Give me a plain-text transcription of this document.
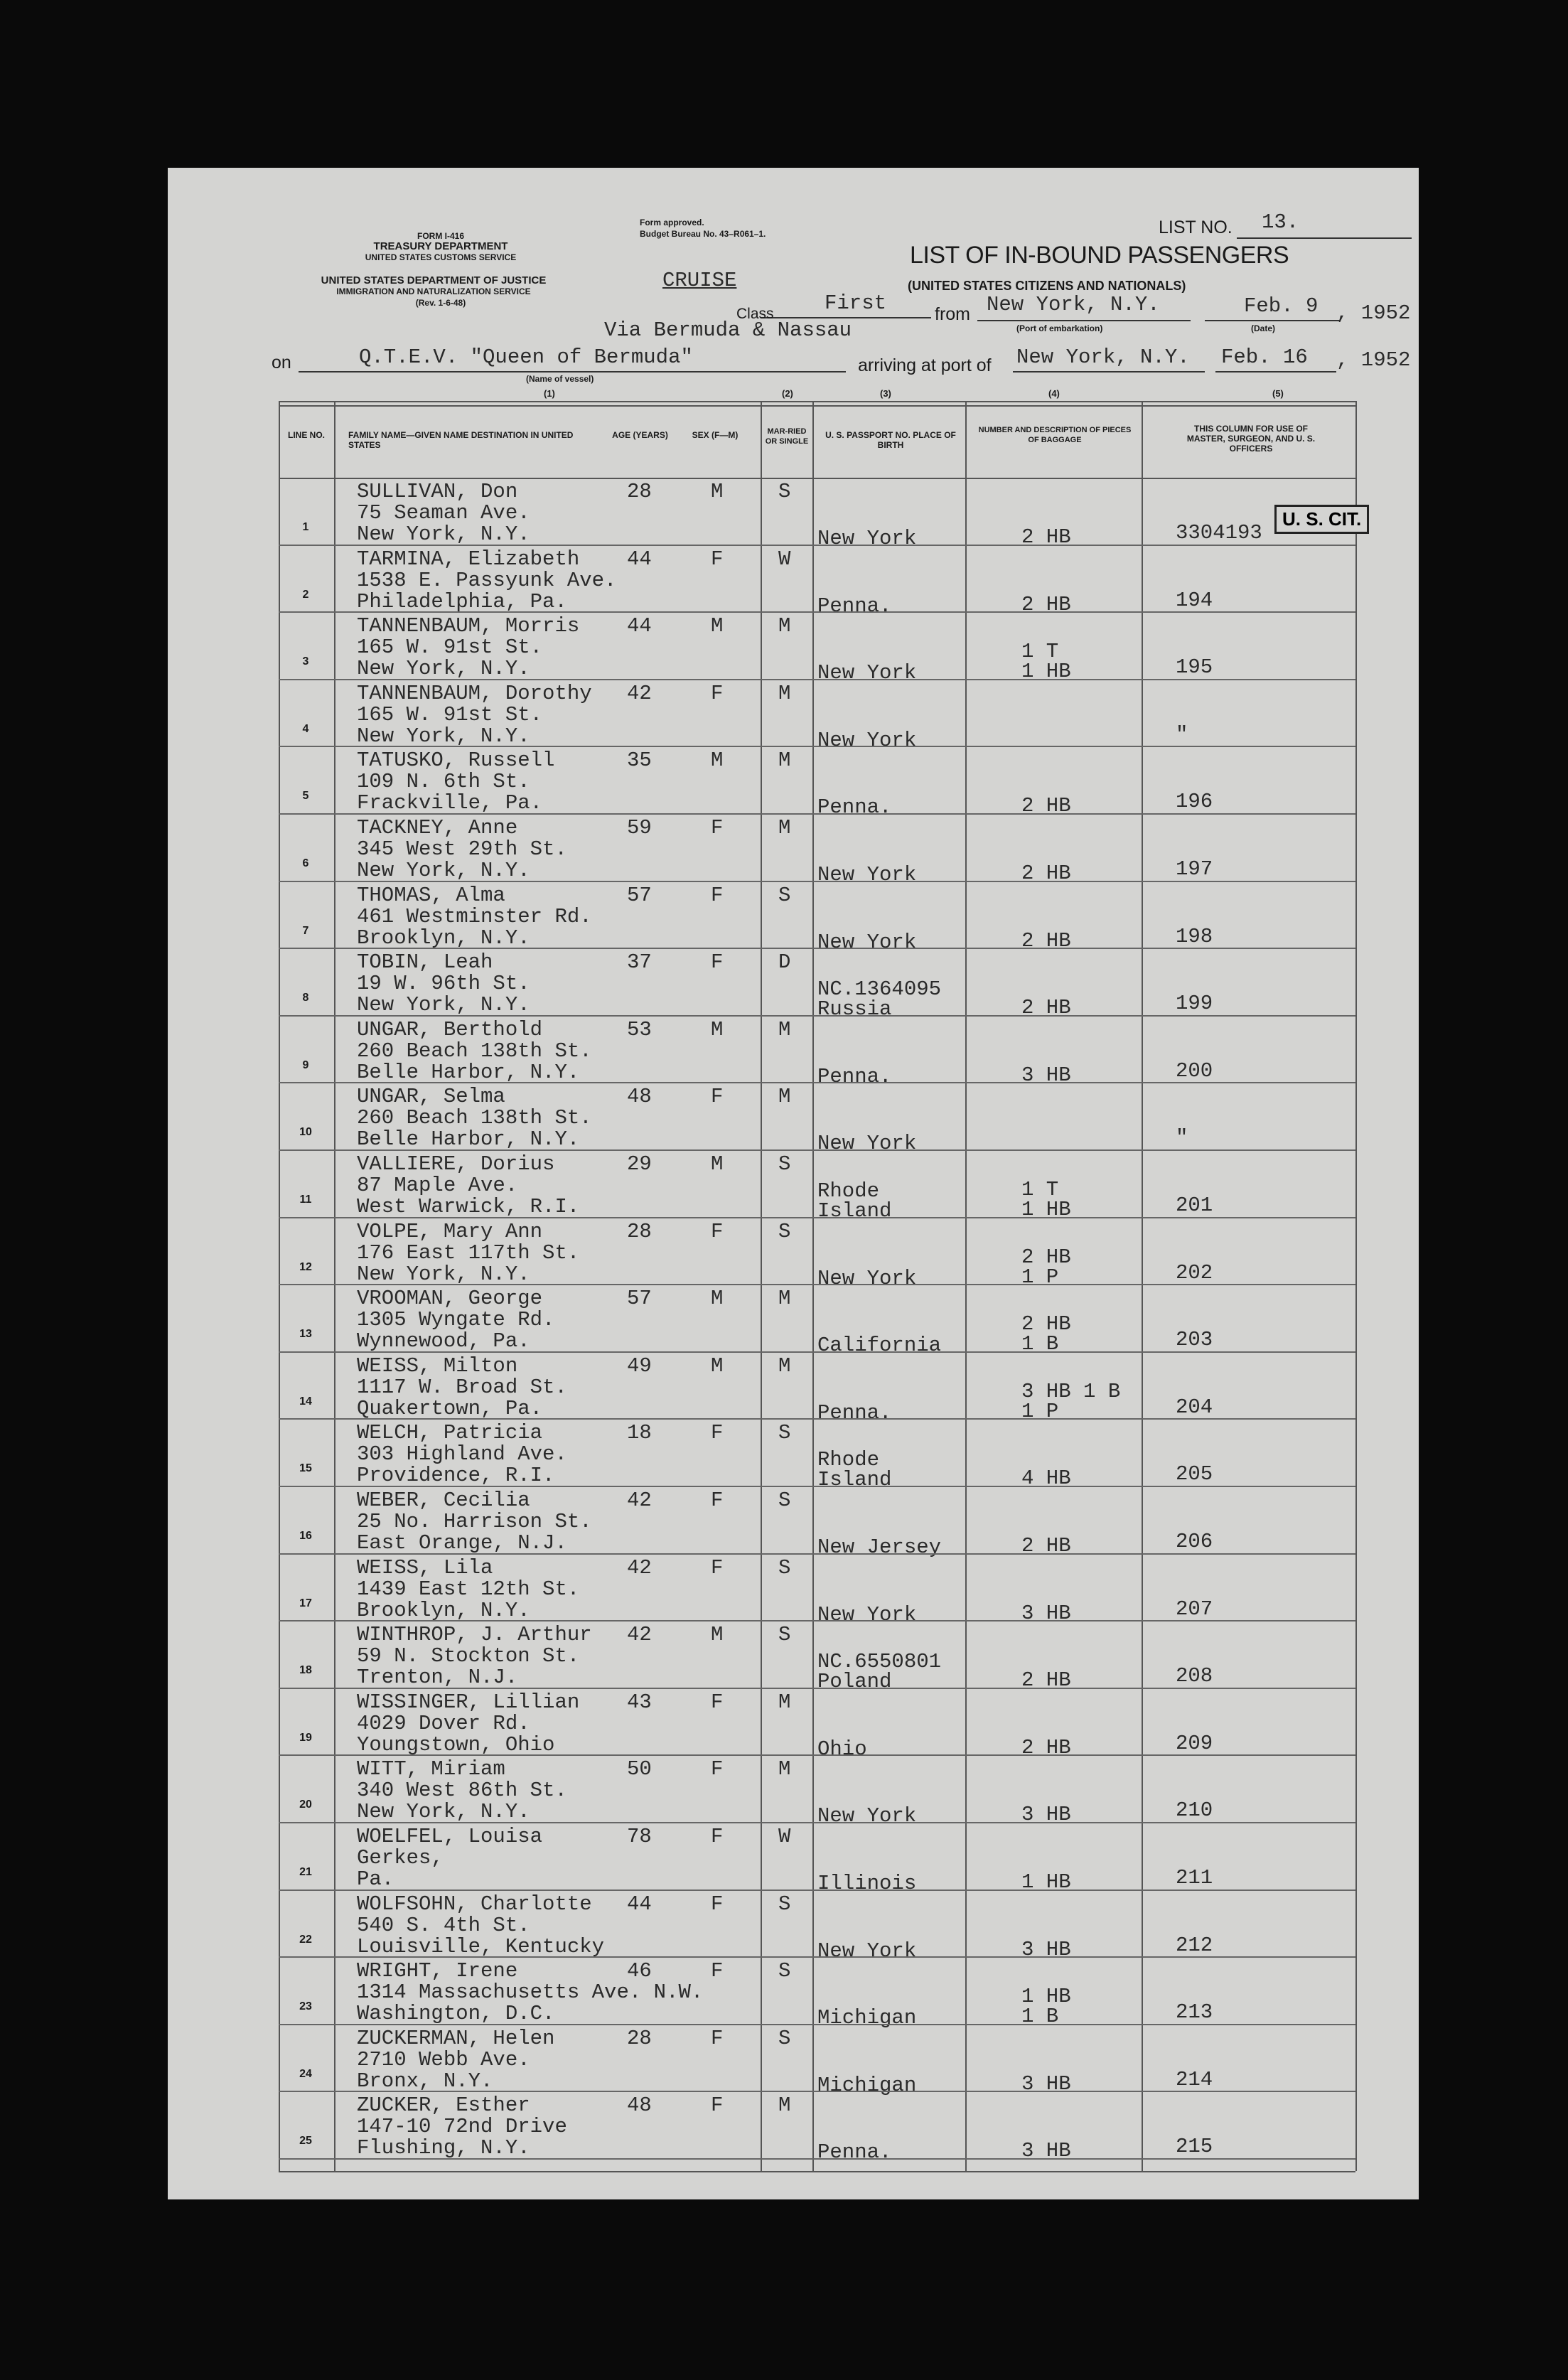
FORM I-416
TREASURY DEPARTMENT
UNITED STATES CUSTOMS SERVICE
UNITED STATES DEPARTMENT OF JUSTICE
IMMIGRATION AND NATURALIZATION SERVICE
(Rev. 1-6-48)
Form approved.
Budget Bureau No. 43–R061–1.	LIST NO. 13.
LIST OF IN-BOUND PASSENGERS
(UNITED STATES CITIZENS AND NATIONALS)
CRUISE
First
Class	from New York, N.Y.	Feb. 9 , 1952
(Port of embarkation)	(Date)
Via Bermuda & Nassau
on	Q.T.E.V. "Queen of Bermuda"
(Name of vessel)
arriving at port of New York, N.Y. Feb. 16 , 1952
(1)	(2)	(3)	(4)	(5)
LINE NO.	FAMILY NAME—GIVEN NAME DESTINATION IN UNITED STATES
AGE (YEARS)	SEX (F—M)	MAR-RIED OR SINGLE
U. S. PASSPORT NO. PLACE OF BIRTH
NUMBER AND DESCRIPTION OF PIECES OF BAGGAGE
THIS COLUMN FOR USE OF MASTER, SURGEON, AND U. S. OFFICERS
1
SULLIVAN, Don
75 Seaman Ave.
New York, N.Y.
28	M	S
New York	2 HB	3304193
2
TARMINA, Elizabeth
1538 E. Passyunk Ave.
Philadelphia, Pa.
44	F	W
Penna.	2 HB	194
3
TANNENBAUM, Morris
165 W. 91st St.
New York, N.Y.
44	M	M
New York
1 T
1 HB	195
4
TANNENBAUM, Dorothy
165 W. 91st St.
New York, N.Y.
42	F	M
New York	"
5
TATUSKO, Russell
109 N. 6th St.
Frackville, Pa.
35	M	M
Penna.	2 HB	196
6
TACKNEY, Anne
345 West 29th St.
New York, N.Y.
59	F	M
New York	2 HB	197
7
THOMAS, Alma
461 Westminster Rd.
Brooklyn, N.Y.
57	F	S
New York	2 HB	198
8
TOBIN, Leah
19 W. 96th St.
New York, N.Y.
37	F	D
NC.1364095
Russia	2 HB	199
9
UNGAR, Berthold
260 Beach 138th St.
Belle Harbor, N.Y.
53	M	M
Penna.	3 HB	200
10
UNGAR, Selma
260 Beach 138th St.
Belle Harbor, N.Y.
48	F	M
New York	"
11
VALLIERE, Dorius
87 Maple Ave.
West Warwick, R.I.
29	M	S
Rhode
Island
1 T
1 HB	201
12
VOLPE, Mary Ann
176 East 117th St.
New York, N.Y.
28	F	S
New York
2 HB
1 P	202
13
VROOMAN, George
1305 Wyngate Rd.
Wynnewood, Pa.
57	M	M
California
2 HB
1 B	203
14
WEISS, Milton
1117 W. Broad St.
Quakertown, Pa.
49	M	M
Penna.
3 HB 1 B
1 P	204
15
WELCH, Patricia
303 Highland Ave.
Providence, R.I.
18	F	S
Rhode
Island	4 HB	205
16
WEBER, Cecilia
25 No. Harrison St.
East Orange, N.J.
42	F	S
New Jersey	2 HB	206
17
WEISS, Lila
1439 East 12th St.
Brooklyn, N.Y.
42	F	S
New York	3 HB	207
18
WINTHROP, J. Arthur
59 N. Stockton St.
Trenton, N.J.
42	M	S
NC.6550801
Poland	2 HB	208
19
WISSINGER, Lillian
4029 Dover Rd.
Youngstown, Ohio
43	F	M
Ohio	2 HB	209
20
WITT, Miriam
340 West 86th St.
New York, N.Y.
50	F	M
New York	3 HB	210
21
WOELFEL, Louisa
Gerkes,
Pa.
78	F	W
Illinois	1 HB	211
22
WOLFSOHN, Charlotte
540 S. 4th St.
Louisville, Kentucky
44	F	S
New York	3 HB	212
23
WRIGHT, Irene
1314 Massachusetts Ave. N.W.
Washington, D.C.
46	F	S
Michigan
1 HB
1 B	213
24
ZUCKERMAN, Helen
2710 Webb Ave.
Bronx, N.Y.
28	F	S
Michigan	3 HB	214
25
ZUCKER, Esther
147-10 72nd Drive
Flushing, N.Y.
48	F	M
Penna.	3 HB	215
U. S. CIT.
